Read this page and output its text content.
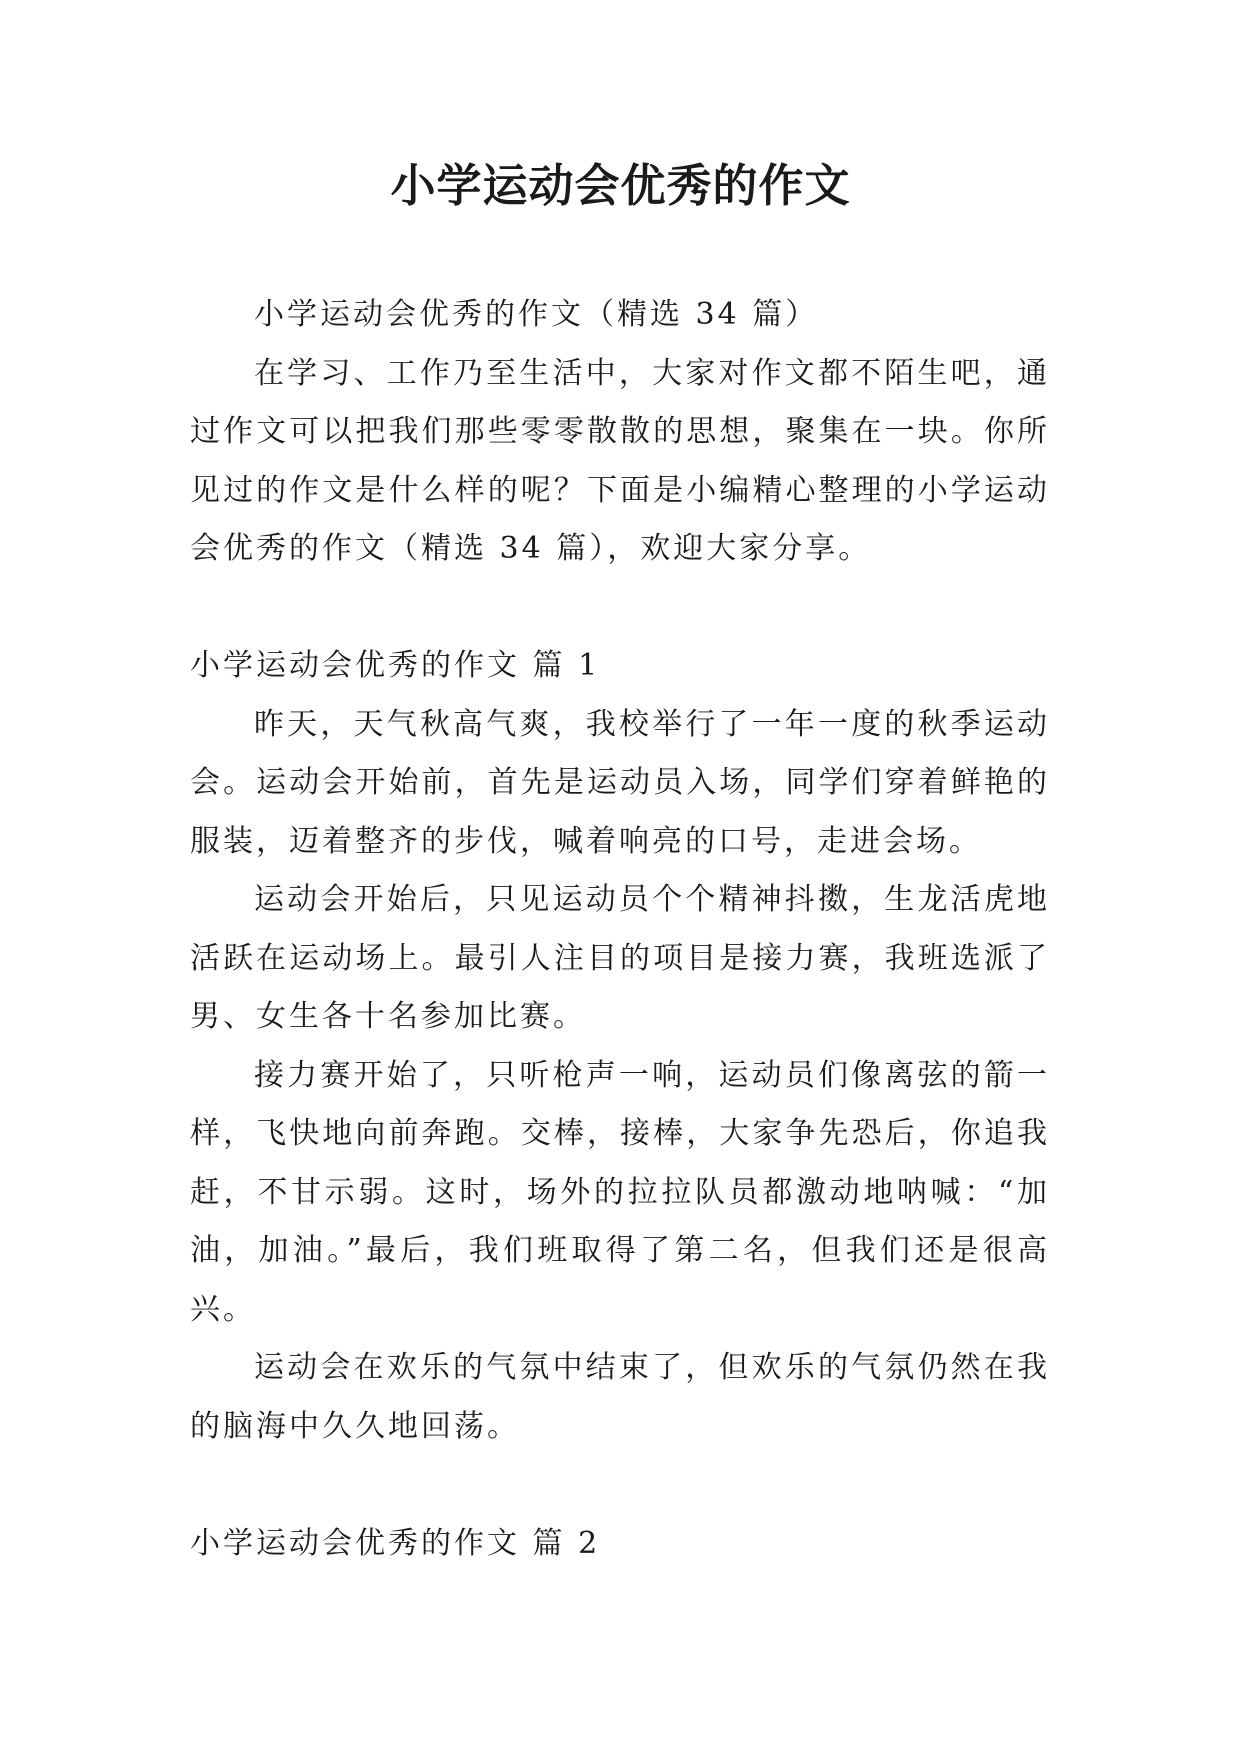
小学运动会优秀的作文

小学运动会优秀的作文（精选 34 篇）

在学习、工作乃至生活中，大家对作文都不陌生吧，通过作文可以把我们那些零零散散的思想，聚集在一块。你所见过的作文是什么样的呢？下面是小编精心整理的小学运动会优秀的作文（精选 34 篇），欢迎大家分享。

小学运动会优秀的作文 篇 1

昨天，天气秋高气爽，我校举行了一年一度的秋季运动会。运动会开始前，首先是运动员入场，同学们穿着鲜艳的服装，迈着整齐的步伐，喊着响亮的口号，走进会场。

运动会开始后，只见运动员个个精神抖擞，生龙活虎地活跃在运动场上。最引人注目的项目是接力赛，我班选派了男、女生各十名参加比赛。

接力赛开始了，只听枪声一响，运动员们像离弦的箭一样，飞快地向前奔跑。交棒，接棒，大家争先恐后，你追我赶，不甘示弱。这时，场外的拉拉队员都激动地呐喊：“加油，加油。”最后，我们班取得了第二名，但我们还是很高兴。

运动会在欢乐的气氛中结束了，但欢乐的气氛仍然在我的脑海中久久地回荡。

小学运动会优秀的作文 篇 2
